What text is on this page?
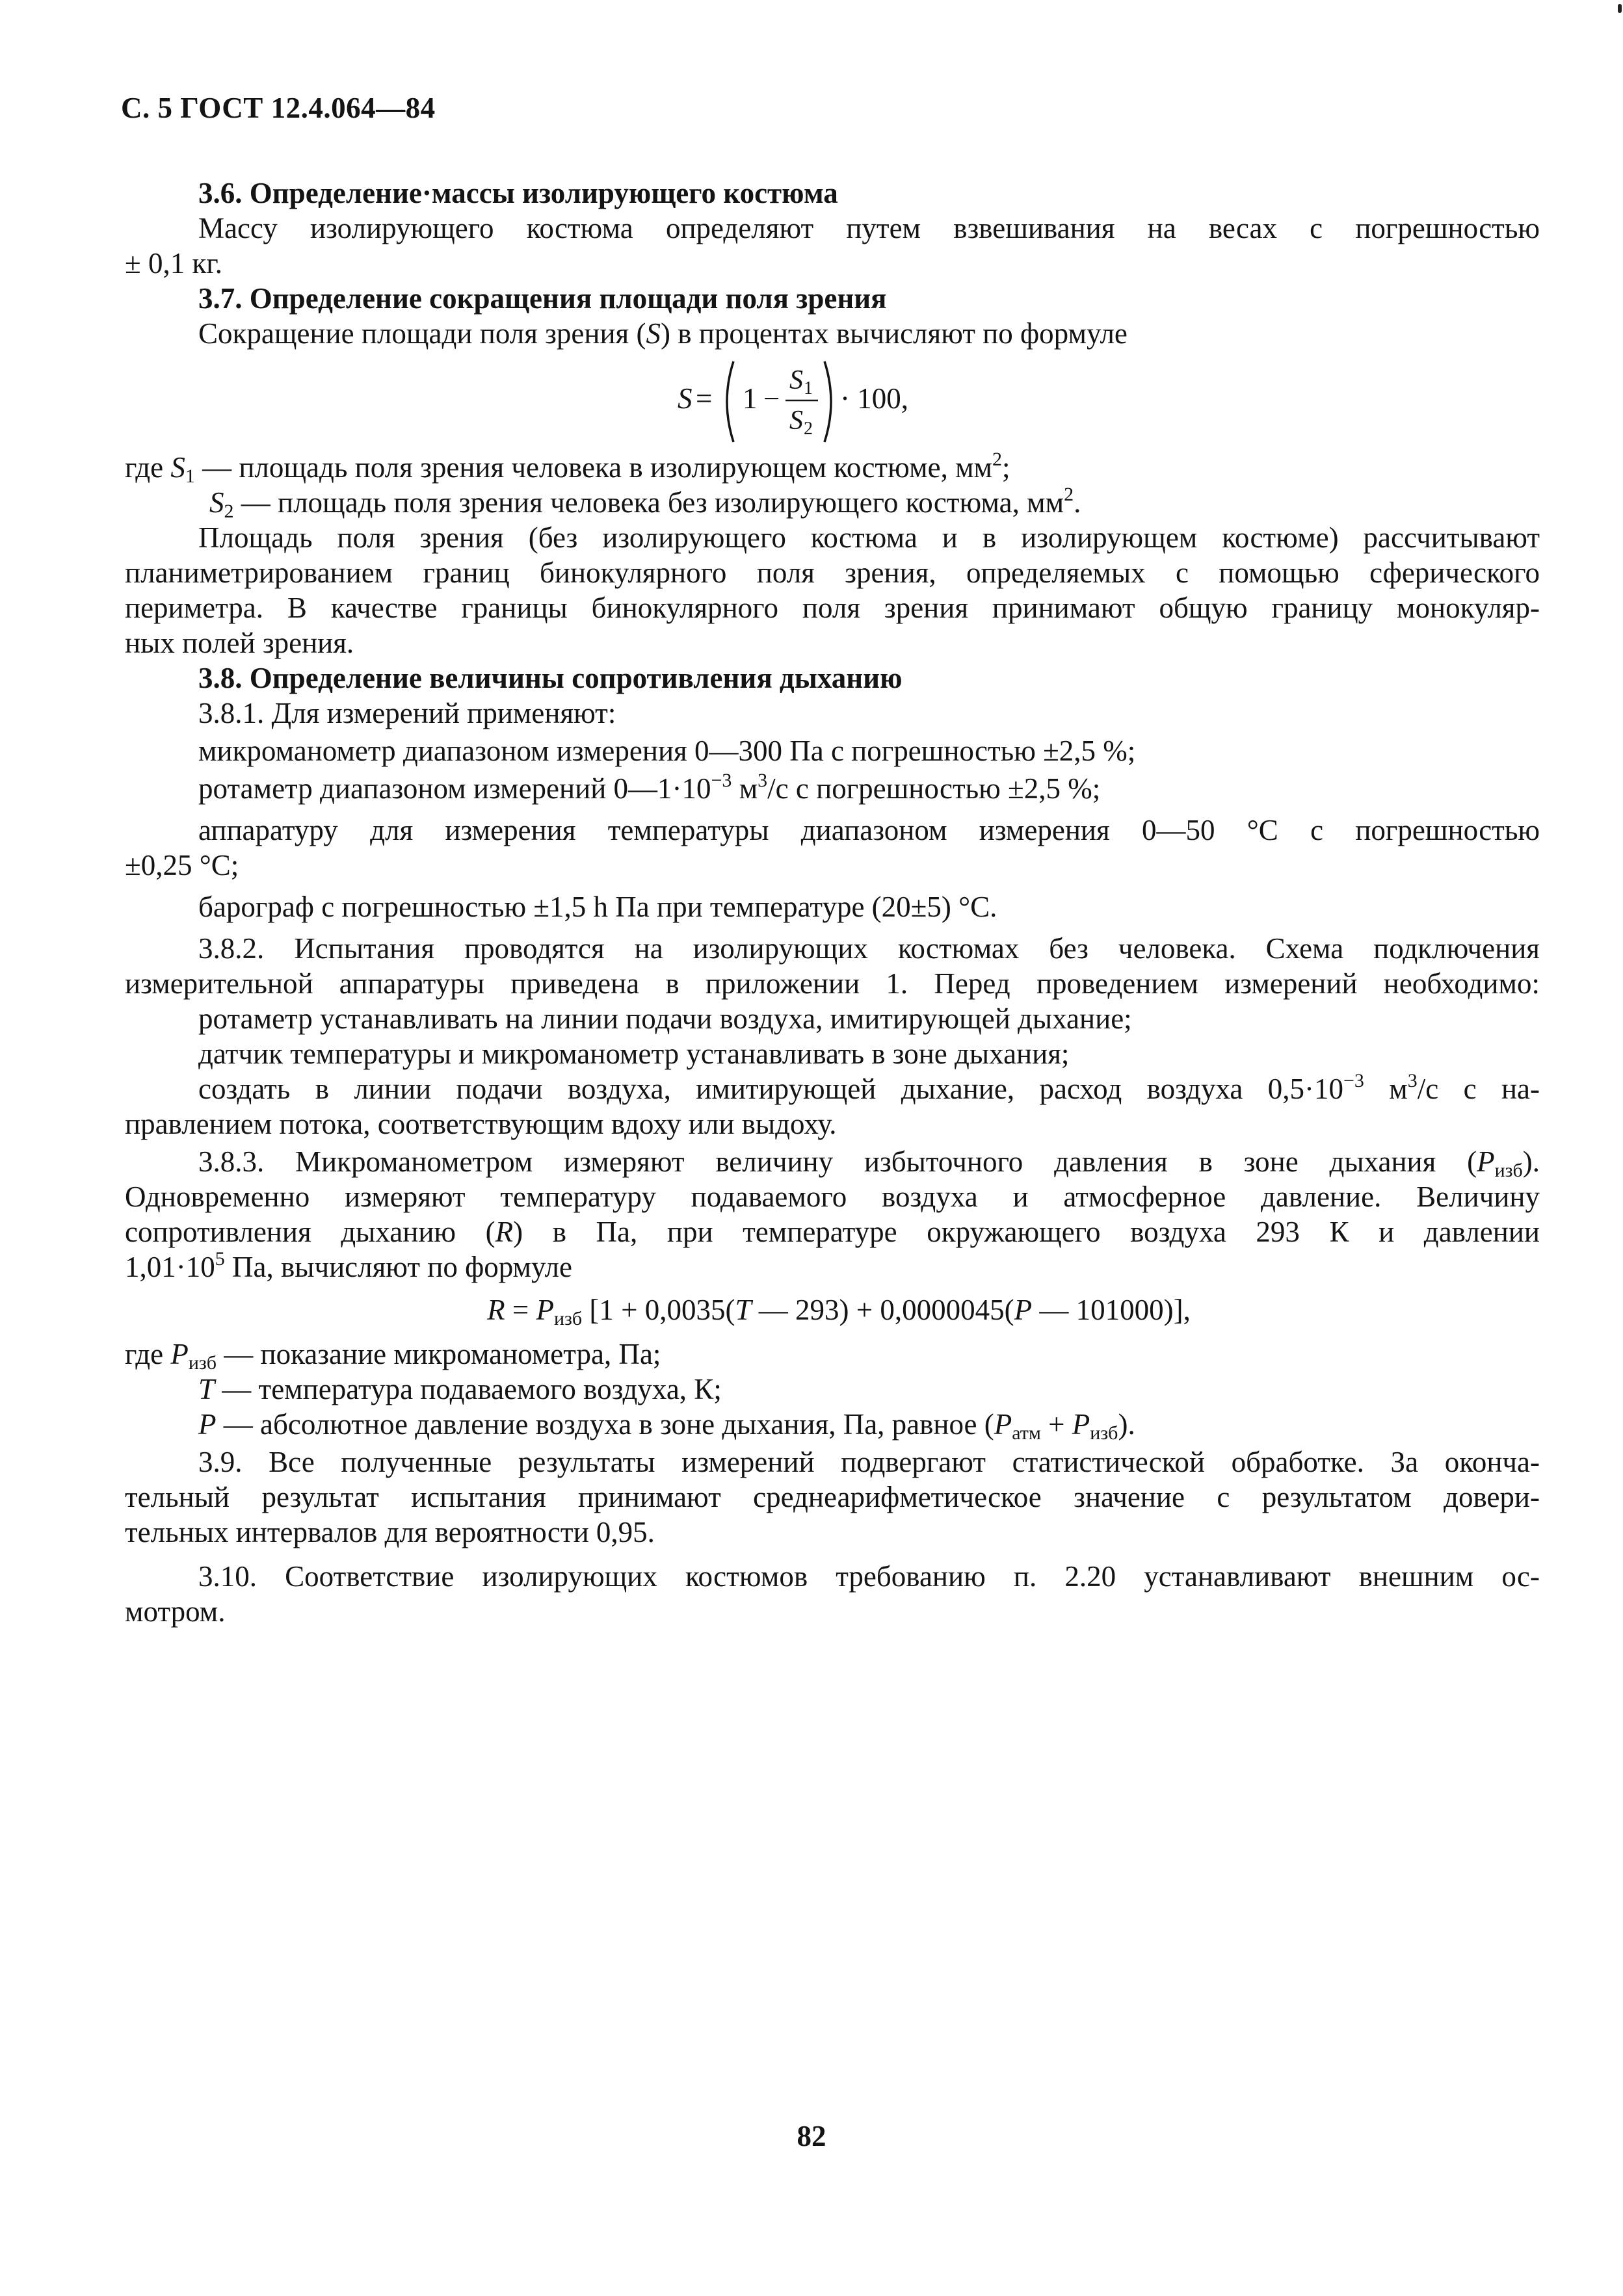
С. 5 ГОСТ 12.4.064—84

3.6. Определение·массы изолирующего костюма

Массу изолирующего костюма определяют путем взвешивания на весах с погрешностью

± 0,1 кг.

3.7. Определение сокращения площади поля зрения

Сокращение площади поля зрения (S) в процентах вычисляют по формуле

S = 1 −
S 1
S 2
· 100,

где $S_1$ — площадь поля зрения человека в изолирующем костюме, $мм^2$;

$S_2$ — площадь поля зрения человека без изолирующего костюма, $мм^2$.

Площадь поля зрения (без изолирующего костюма и в изолирующем костюме) рассчитывают

планиметрированием границ бинокулярного поля зрения, определяемых с помощью сферического

периметра. В качестве границы бинокулярного поля зрения принимают общую границу монокуляр-

ных полей зрения.

3.8. Определение величины сопротивления дыханию

3.8.1. Для измерений применяют:

микроманометр диапазоном измерения 0—300 Па с погрешностью ±2,5 %;

ротаметр диапазоном измерений $0—1\cdot 10^{-3}$ $м^3/с$ с погрешностью ±2,5 %;

аппаратуру для измерения температуры диапазоном измерения 0—50 °С с погрешностью

±0,25 °С;

барограф с погрешностью ±1,5 h Па при температуре (20±5) °С.

3.8.2. Испытания проводятся на изолирующих костюмах без человека. Схема подключения

измерительной аппаратуры приведена в приложении 1. Перед проведением измерений необходимо:

ротаметр устанавливать на линии подачи воздуха, имитирующей дыхание;

датчик температуры и микроманометр устанавливать в зоне дыхания;

создать в линии подачи воздуха, имитирующей дыхание, расход воздуха $0,5\cdot 10^{-3}$ $м^3/с$ с на-

правлением потока, соответствующим вдоху или выдоху.

3.8.3. Микроманометром измеряют величину избыточного давления в зоне дыхания $(P_{изб})$.

Одновременно измеряют температуру подаваемого воздуха и атмосферное давление. Величину

сопротивления дыханию (R) в Па, при температуре окружающего воздуха 293 К и давлении

$1,01\cdot 10^5$ Па, вычисляют по формуле

$R = P_{изб}$ [1 + 0,0035(T — 293) + 0,0000045(P — 101000)],

где $P_{изб}$ — показание микроманометра, Па;

T — температура подаваемого воздуха, К;

P — абсолютное давление воздуха в зоне дыхания, Па, равное $(P_{атм} + P_{изб})$.

3.9. Все полученные результаты измерений подвергают статистической обработке. За оконча-

тельный результат испытания принимают среднеарифметическое значение с результатом довери-

тельных интервалов для вероятности 0,95.

3.10. Соответствие изолирующих костюмов требованию п. 2.20 устанавливают внешним ос-

мотром.

82
